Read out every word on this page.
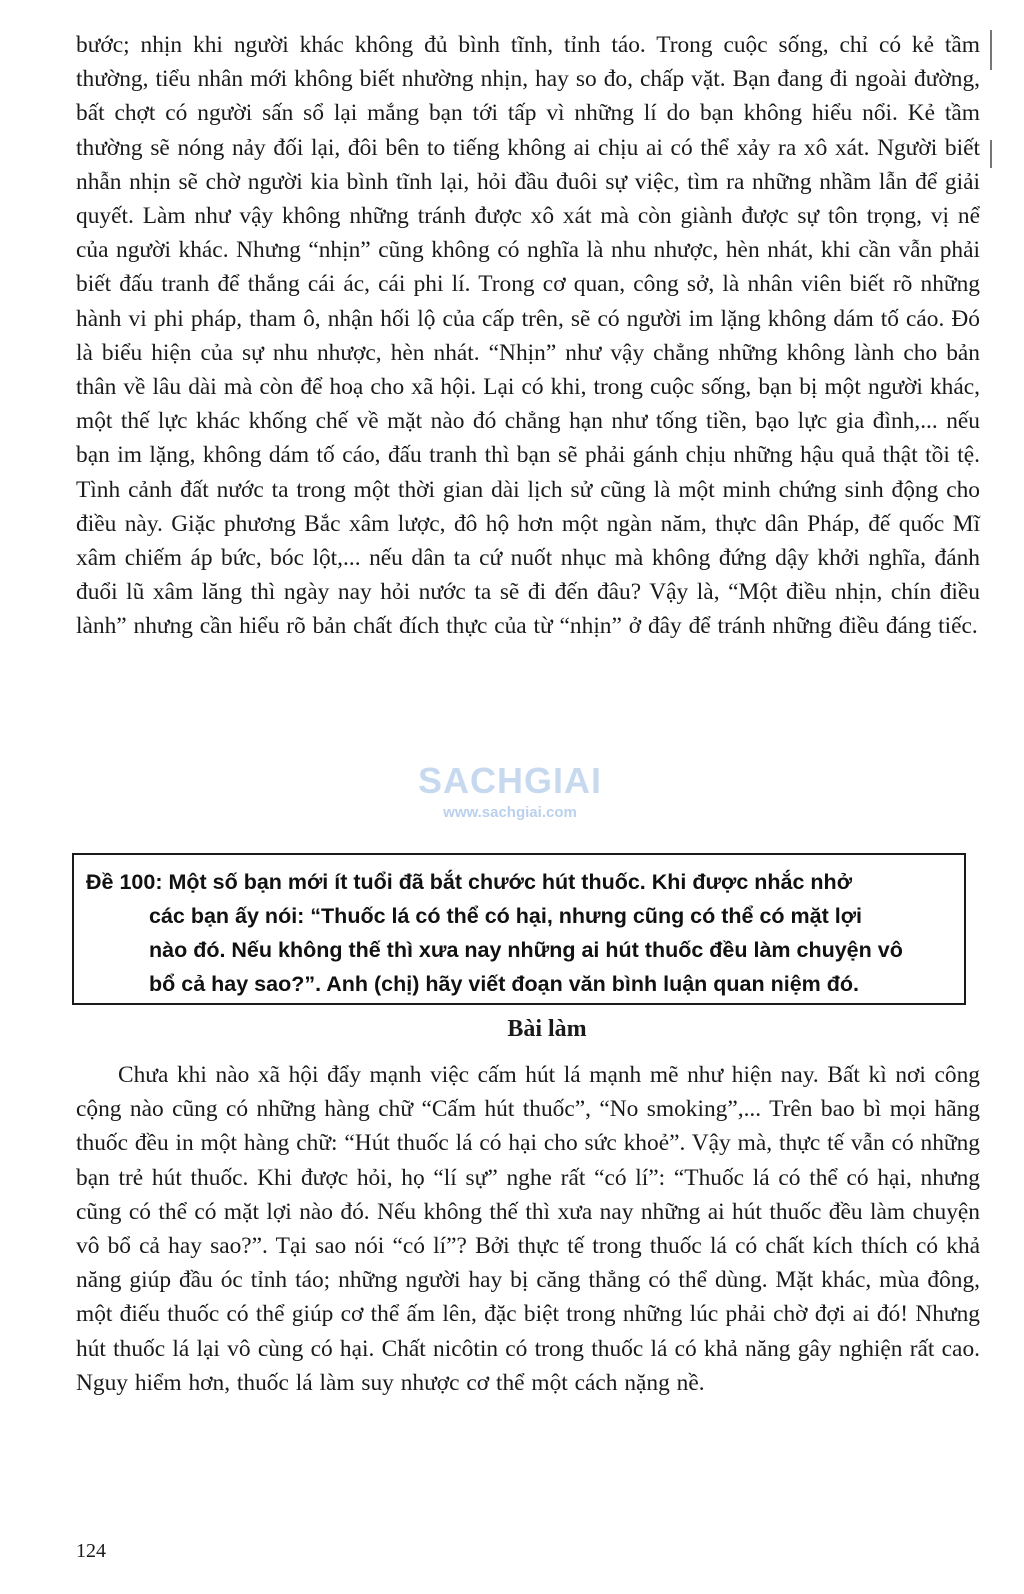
bước; nhịn khi người khác không đủ bình tĩnh, tỉnh táo. Trong cuộc sống, chỉ có kẻ tầm thường, tiểu nhân mới không biết nhường nhịn, hay so đo, chấp vặt. Bạn đang đi ngoài đường, bất chợt có người sấn sổ lại mắng bạn tới tấp vì những lí do bạn không hiểu nổi. Kẻ tầm thường sẽ nóng nảy đối lại, đôi bên to tiếng không ai chịu ai có thể xảy ra xô xát. Người biết nhẫn nhịn sẽ chờ người kia bình tĩnh lại, hỏi đầu đuôi sự việc, tìm ra những nhầm lẫn để giải quyết. Làm như vậy không những tránh được xô xát mà còn giành được sự tôn trọng, vị nể của người khác. Nhưng “nhịn” cũng không có nghĩa là nhu nhược, hèn nhát, khi cần vẫn phải biết đấu tranh để thắng cái ác, cái phi lí. Trong cơ quan, công sở, là nhân viên biết rõ những hành vi phi pháp, tham ô, nhận hối lộ của cấp trên, sẽ có người im lặng không dám tố cáo. Đó là biểu hiện của sự nhu nhược, hèn nhát. “Nhịn” như vậy chẳng những không lành cho bản thân về lâu dài mà còn để hoạ cho xã hội. Lại có khi, trong cuộc sống, bạn bị một người khác, một thế lực khác khống chế về mặt nào đó chẳng hạn như tống tiền, bạo lực gia đình,... nếu bạn im lặng, không dám tố cáo, đấu tranh thì bạn sẽ phải gánh chịu những hậu quả thật tồi tệ. Tình cảnh đất nước ta trong một thời gian dài lịch sử cũng là một minh chứng sinh động cho điều này. Giặc phương Bắc xâm lược, đô hộ hơn một ngàn năm, thực dân Pháp, đế quốc Mĩ xâm chiếm áp bức, bóc lột,... nếu dân ta cứ nuốt nhục mà không đứng dậy khởi nghĩa, đánh đuổi lũ xâm lăng thì ngày nay hỏi nước ta sẽ đi đến đâu? Vậy là, “Một điều nhịn, chín điều lành” nhưng cần hiểu rõ bản chất đích thực của từ “nhịn” ở đây để tránh những điều đáng tiếc.

SACHGIAI
www.sachgiai.com
Đề 100: Một số bạn mới ít tuổi đã bắt chước hút thuốc. Khi được nhắc nhở
các bạn ấy nói: “Thuốc lá có thể có hại, nhưng cũng có thể có mặt lợi
nào đó. Nếu không thế thì xưa nay những ai hút thuốc đều làm chuyện vô
bổ cả hay sao?”. Anh (chị) hãy viết đoạn văn bình luận quan niệm đó.
Bài làm

Chưa khi nào xã hội đẩy mạnh việc cấm hút lá mạnh mẽ như hiện nay. Bất kì nơi công cộng nào cũng có những hàng chữ “Cấm hút thuốc”, “No smoking”,... Trên bao bì mọi hãng thuốc đều in một hàng chữ: “Hút thuốc lá có hại cho sức khoẻ”. Vậy mà, thực tế vẫn có những bạn trẻ hút thuốc. Khi được hỏi, họ “lí sự” nghe rất “có lí”: “Thuốc lá có thể có hại, nhưng cũng có thể có mặt lợi nào đó. Nếu không thế thì xưa nay những ai hút thuốc đều làm chuyện vô bổ cả hay sao?”. Tại sao nói “có lí”? Bởi thực tế trong thuốc lá có chất kích thích có khả năng giúp đầu óc tỉnh táo; những người hay bị căng thẳng có thể dùng. Mặt khác, mùa đông, một điếu thuốc có thể giúp cơ thể ấm lên, đặc biệt trong những lúc phải chờ đợi ai đó! Nhưng hút thuốc lá lại vô cùng có hại. Chất nicôtin có trong thuốc lá có khả năng gây nghiện rất cao. Nguy hiểm hơn, thuốc lá làm suy nhược cơ thể một cách nặng nề.

124
